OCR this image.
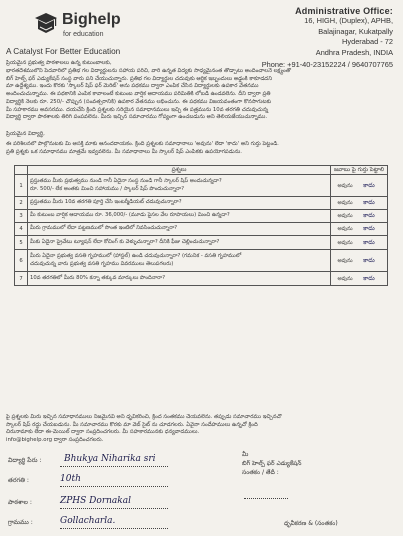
Bighelp
for education
A Catalyst For Better Education
Administrative Office:
16, HIGH, (Duplex), APHB,
Balajinagar, Kukatpally
Hyderabad - 72
Andhra Pradesh, INDIA
Phone: +91-40-23152224 / 9640707765
ప్రియమైన ప్రభుత్వ పాఠశాలలు ఉన్న కుటుంబాలకు,
భారతదేశములోని పేదవారిలో ప్రతిభ గల విద్యార్థులను సహాయ పరిచి, వారి ఉన్నత విద్యకు సాధ్యమైనంత తోడ్పాటు అందించాలనే లక్ష్యంతో
బిగ్ హెల్ప్ ఫర్ ఎడ్యుకేషన్ సంస్థ వారు పని చేయుచున్నారు. ప్రతిభ గల విద్యార్థుల చదువుకు ఆర్ధిక ఇబ్బందులు అడ్డంకి కాకూడదని
మా ఉద్దేశ్యము. ఇందు కొరకు 'స్కాలర్ షిప్ ఫర్ మెరిట్' అను పథకము ద్వారా ఎంపిక చేసిన విద్యార్థులకు ఉపకార వేతనము
అందించుచున్నాము. ఈ పథకానికి ఎంపిక కావాలంటే కుటుంబ వార్షిక ఆదాయము పరిమితికి లోబడి ఉండవలెను. దీని ద్వారా ప్రతి
విద్యార్థికి నెలకు రూ. 250/- చొప్పున (సంవత్సరానికి) ఉపకార వేతనము లభించును. ఈ పథకము విజయవంతంగా కొనసాగుటకు
మీ సహకారము అవసరము. దయచేసి క్రింది ప్రశ్నలకు సరియైన సమాధానములు ఇచ్చి ఈ పత్రమును 10వ తరగతి చదువుచున్న
విద్యార్థి ద్వారా పాఠశాలకు తిరిగి పంపవలెను. మీరు ఇచ్చిన సమాచారము గోప్యంగా ఉంచబడును అని తెలియజేయుచున్నాము.
ప్రియమైన విద్యార్థి,
ఈ పరిశీలనలో పాల్గొనుటకు మీ ఆసక్తి మాకు ఆనందదాయకం. క్రింది ప్రశ్నలకు సమాధానాలు 'అవును' లేదా 'కాదు' అని గుర్తు పెట్టండి.
ప్రతి ప్రశ్నకు ఒక సమాధానము మాత్రమే ఇవ్వవలెను. మీ సమాధానాలు మీ స్కాలర్ షిప్ ఎంపికకు ఉపయోగపడును.
	ప్రశ్నలు	జవాబు పై గుర్తు పెట్టాలి
1	ప్రస్తుతము మీకు ప్రభుత్వము నుండి గానీ ఏదైనా సంస్థ నుండి గానీ స్కాలర్ షిప్ అందుచున్నదా?
రూ. 500/- లేక అంతకు మించి సహాయము / స్కాలర్ షిప్ పొందుచున్నారా?	అవును కాదు
2	ప్రస్తుతము మీరు 10వ తరగతి పూర్తి చేసి ఇంటర్మీడియట్ చదువుచున్నారా?	అవును కాదు
3	మీ కుటుంబ వార్షిక ఆదాయము రూ. 36,000/- (మూడు పైసల వేల రూపాయలు) మించి ఉన్నదా?	అవును కాదు
4	మీరు గ్రామములో లేదా పట్టణములో సొంత ఇంటిలో నివసించుచున్నారా?	అవును కాదు
5	మీకు ఏదైనా ప్రైవేటు ట్యూషన్ లేదా కోచింగ్ కు వెళ్ళుచున్నారా? దీనికి ఫీజు చెల్లించుచున్నారా?	అవును కాదు
6	మీరు ఏదైనా ప్రభుత్వ వసతి గృహములో (హాస్టల్) ఉండి చదువుచున్నారా? (గమనిక - వసతి గృహములో
చదువుచున్న వారు ప్రభుత్వ వసతి గృహము వివరములు తెలుపగలరు)	అవును కాదు
7	10వ తరగతిలో మీరు 80% కన్నా తక్కువ మార్కులు పొందినారా?	అవును కాదు
పై ప్రశ్నలకు మీరు ఇచ్చిన సమాధానములు నిజమైనవి అని ధృవీకరించి, క్రింద సంతకము చేయవలెను. తప్పుడు సమాచారము ఇచ్చినచో
స్కాలర్ షిప్ రద్దు చేయబడును. మీ సమాచారము కొరకు మా వెబ్ సైట్ ను చూడగలరు. ఏవైనా సందేహములు ఉన్నచో క్రింది
చిరునామాకు లేదా ఈ-మెయిల్ ద్వారా సంప్రదించగలరు. మీ సహకారమునకు ధన్యవాదములు.
info@bighelp.org ద్వారా సంప్రదించగలరు.
విద్యార్థి పేరు : Bhukya Niharika sri
తరగతి :	10th
పాఠశాల :	ZPHS Dornakal
గ్రామము :	Gollacharla.
మీ
బిగ్ హెల్ప్ ఫర్ ఎడ్యుకేషన్
సంతకం / తేదీ :
ధృవీకరణ & (సంతకం)
